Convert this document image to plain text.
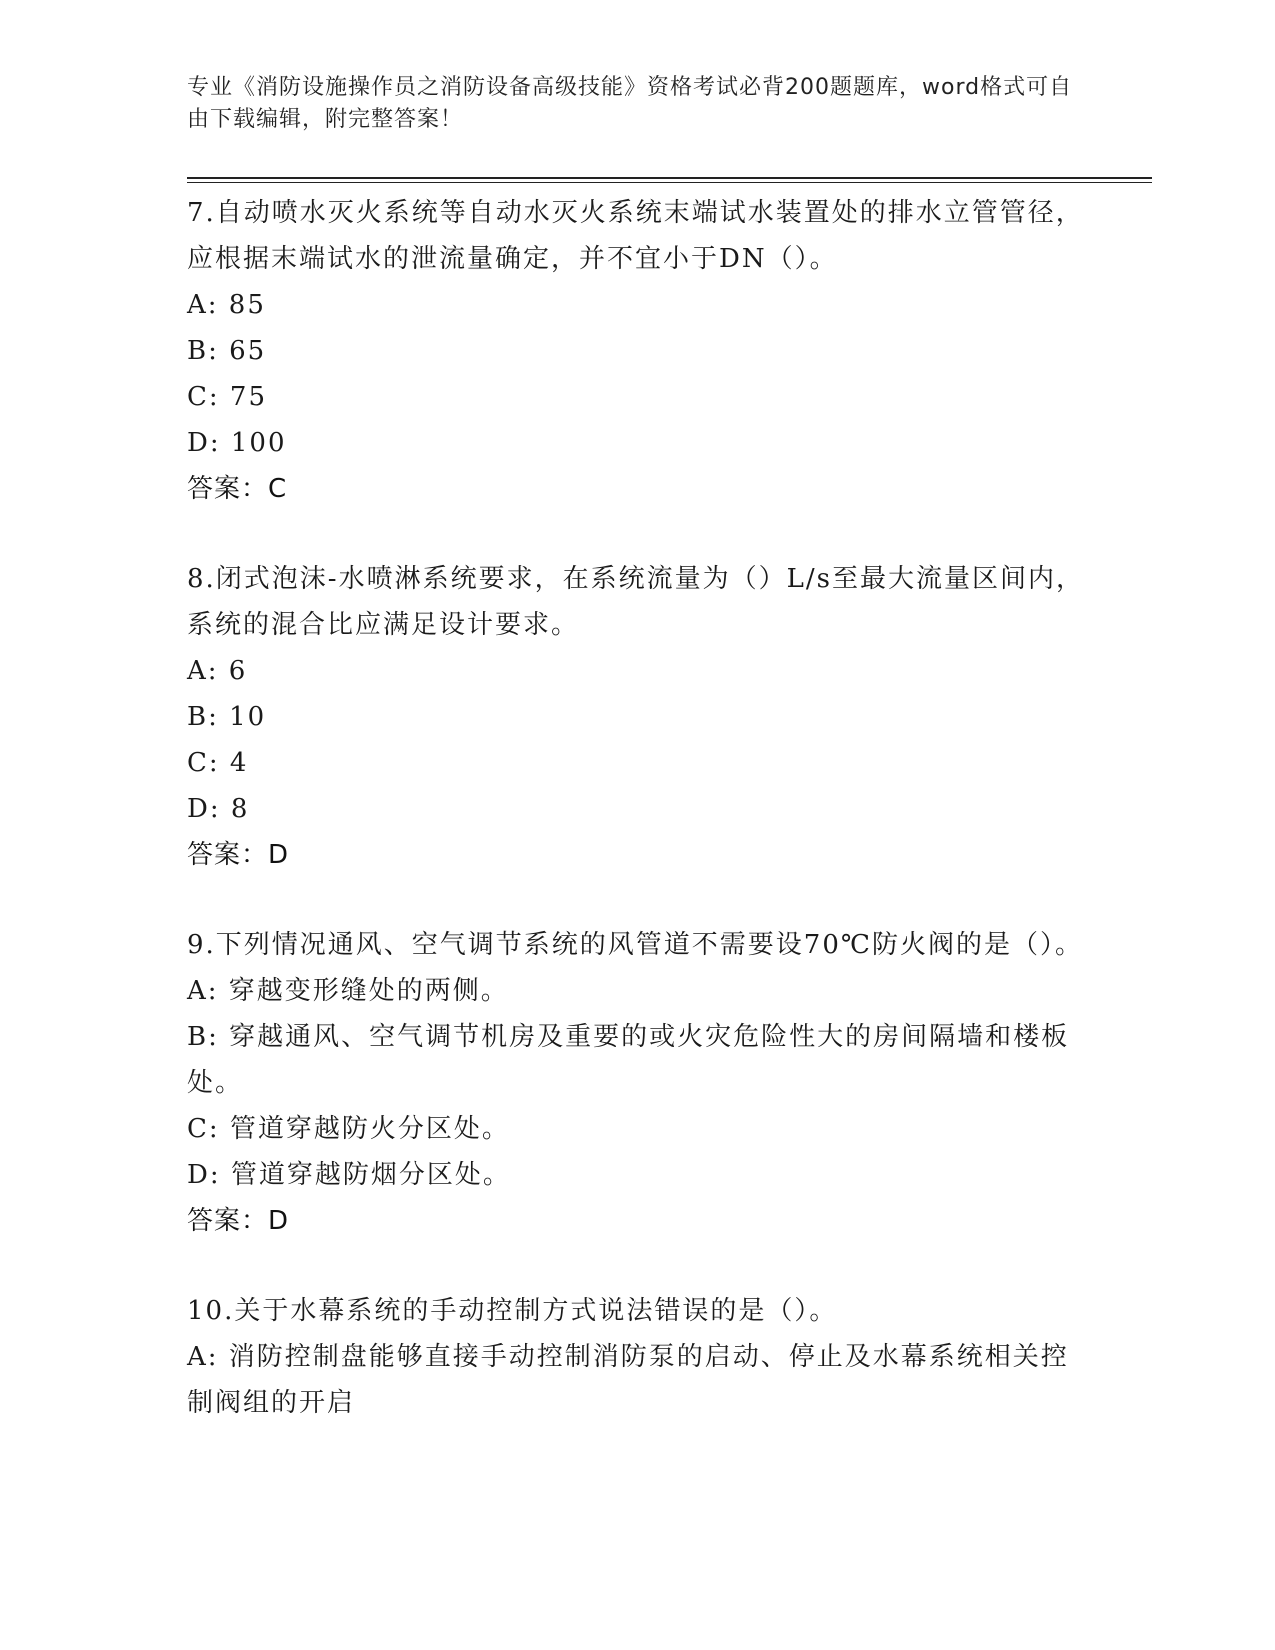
专业《消防设施操作员之消防设备高级技能》资格考试必背200题题库，word格式可自由下载编辑，附完整答案！
7.自动喷水灭火系统等自动水灭火系统末端试水装置处的排水立管管径，应根据末端试水的泄流量确定，并不宜小于DN（）。
A: 85
B: 65
C: 75
D: 100
答案：C
8.闭式泡沫-水喷淋系统要求，在系统流量为（）L/s至最大流量区间内，系统的混合比应满足设计要求。
A: 6
B: 10
C: 4
D: 8
答案：D
9.下列情况通风、空气调节系统的风管道不需要设70℃防火阀的是（）。
A: 穿越变形缝处的两侧。
B: 穿越通风、空气调节机房及重要的或火灾危险性大的房间隔墙和楼板处。
C: 管道穿越防火分区处。
D: 管道穿越防烟分区处。
答案：D
10.关于水幕系统的手动控制方式说法错误的是（）。
A: 消防控制盘能够直接手动控制消防泵的启动、停止及水幕系统相关控制阀组的开启
